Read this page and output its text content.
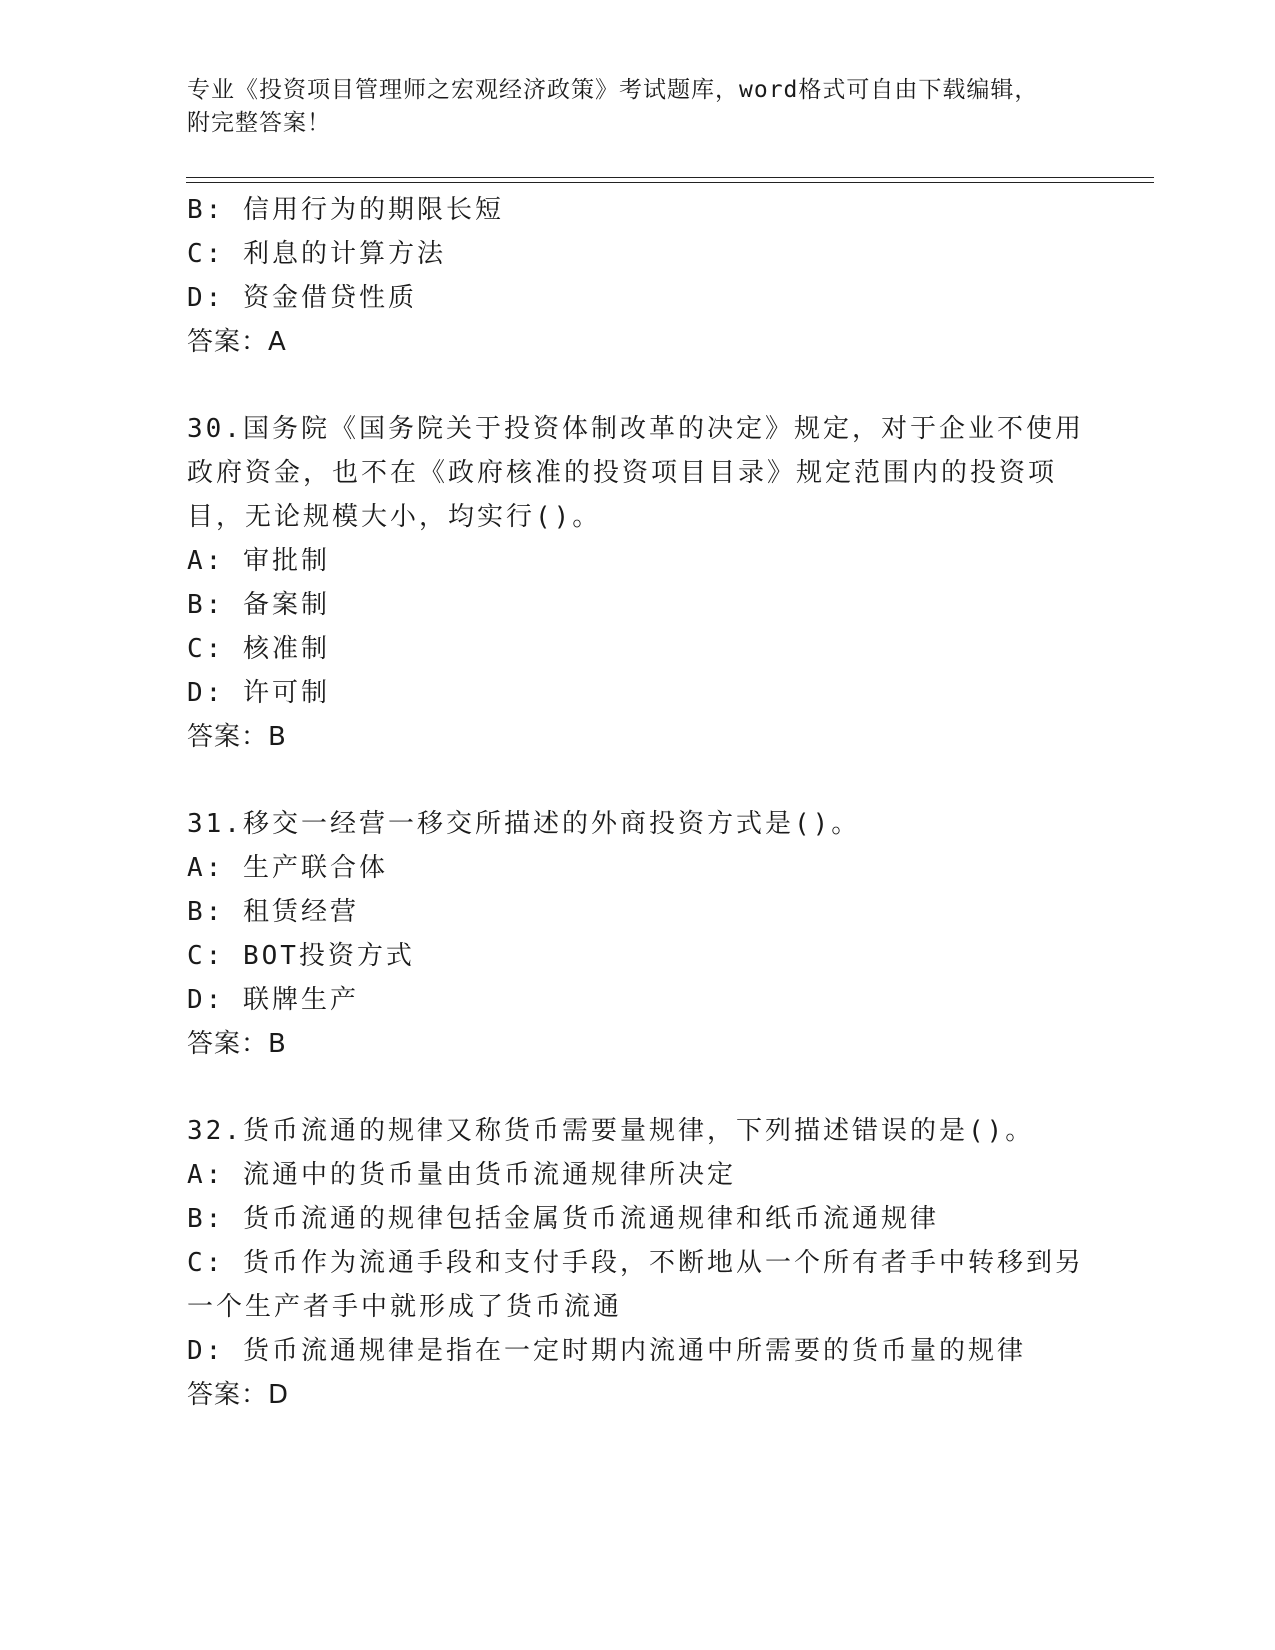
专业《投资项目管理师之宏观经济政策》考试题库，word格式可自由下载编辑，
附完整答案！
B: 信用行为的期限长短
C: 利息的计算方法
D: 资金借贷性质
答案：A
30.国务院《国务院关于投资体制改革的决定》规定，对于企业不使用
政府资金，也不在《政府核准的投资项目目录》规定范围内的投资项
目，无论规模大小，均实行()。
A: 审批制
B: 备案制
C: 核准制
D: 许可制
答案：B
31.移交一经营一移交所描述的外商投资方式是()。
A: 生产联合体
B: 租赁经营
C: BOT投资方式
D: 联牌生产
答案：B
32.货币流通的规律又称货币需要量规律，下列描述错误的是()。
A: 流通中的货币量由货币流通规律所决定
B: 货币流通的规律包括金属货币流通规律和纸币流通规律
C: 货币作为流通手段和支付手段，不断地从一个所有者手中转移到另
一个生产者手中就形成了货币流通
D: 货币流通规律是指在一定时期内流通中所需要的货币量的规律
答案：D
